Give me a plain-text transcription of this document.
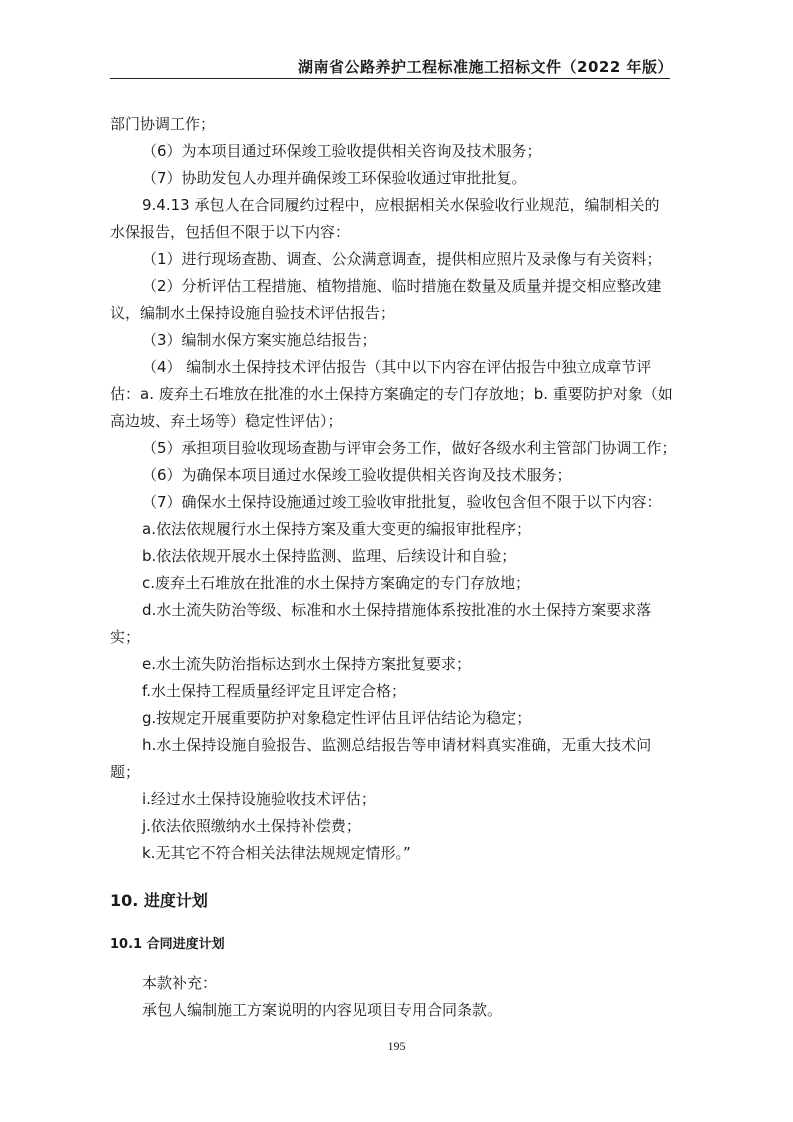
湖南省公路养护工程标准施工招标文件（2022 年版）
部门协调工作；
（6）为本项目通过环保竣工验收提供相关咨询及技术服务；
（7）协助发包人办理并确保竣工环保验收通过审批批复。
9.4.13 承包人在合同履约过程中，应根据相关水保验收行业规范，编制相关的
水保报告，包括但不限于以下内容：
（1）进行现场查勘、调查、公众满意调查，提供相应照片及录像与有关资料；
（2）分析评估工程措施、植物措施、临时措施在数量及质量并提交相应整改建
议，编制水土保持设施自验技术评估报告；
（3）编制水保方案实施总结报告；
（4） 编制水土保持技术评估报告（其中以下内容在评估报告中独立成章节评
估：a. 废弃土石堆放在批准的水土保持方案确定的专门存放地；b. 重要防护对象（如
高边坡、弃土场等）稳定性评估）；
（5）承担项目验收现场查勘与评审会务工作，做好各级水利主管部门协调工作；
（6）为确保本项目通过水保竣工验收提供相关咨询及技术服务；
（7）确保水土保持设施通过竣工验收审批批复，验收包含但不限于以下内容：
a.依法依规履行水土保持方案及重大变更的编报审批程序；
b.依法依规开展水土保持监测、监理、后续设计和自验；
c.废弃土石堆放在批准的水土保持方案确定的专门存放地；
d.水土流失防治等级、标准和水土保持措施体系按批准的水土保持方案要求落
实；
e.水土流失防治指标达到水土保持方案批复要求；
f.水土保持工程质量经评定且评定合格；
g.按规定开展重要防护对象稳定性评估且评估结论为稳定；
h.水土保持设施自验报告、监测总结报告等申请材料真实准确，无重大技术问
题；
i.经过水土保持设施验收技术评估；
j.依法依照缴纳水土保持补偿费；
k.无其它不符合相关法律法规规定情形。”
10. 进度计划
10.1 合同进度计划
本款补充：
承包人编制施工方案说明的内容见项目专用合同条款。
195
